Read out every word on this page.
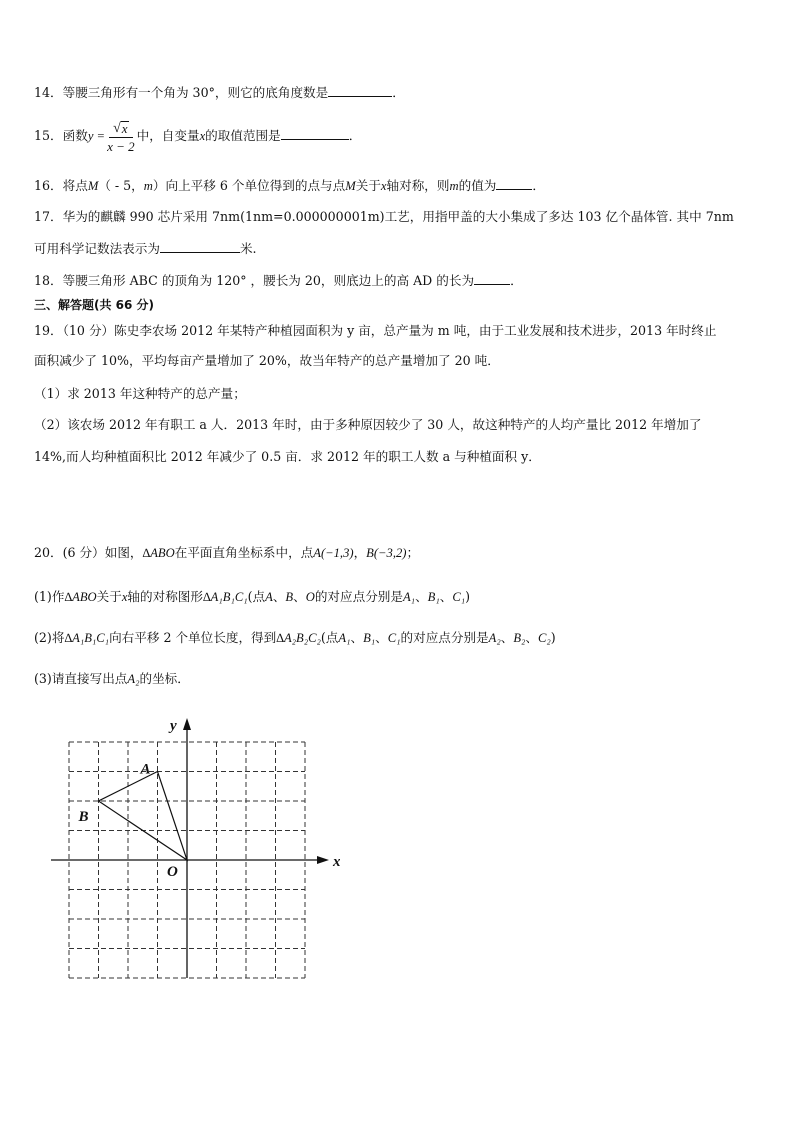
14．等腰三角形有一个角为 30°，则它的底角度数是	．
15．函数$y = \frac{√ x}{x - 2}$ 中，自变量x的取值范围是	．
16．将点M（ - 5，m）向上平移 6 个单位得到的点与点M关于x轴对称，则m的值为	．
17．华为的麒麟 990 芯片采用 7nm(1nm=0.000000001m)工艺，用指甲盖的大小集成了多达 103 亿个晶体管. 其中 7nm
可用科学记数法表示为	米.
18．等腰三角形 ABC 的顶角为 120° ，腰长为 20，则底边上的高 AD 的长为	．
三、解答题(共 66 分)
19．（10 分）陈史李农场 2012 年某特产种植园面积为 y 亩，总产量为 m 吨，由于工业发展和技术进步，2013 年时终止
面积减少了 10%，平均每亩产量增加了 20%，故当年特产的总产量增加了 20 吨．
（1）求 2013 年这种特产的总产量；
（2）该农场 2012 年有职工 a 人．2013 年时，由于多种原因较少了 30 人，故这种特产的人均产量比 2012 年增加了
14%,而人均种植面积比 2012 年减少了 0.5 亩．求 2012 年的职工人数 a 与种植面积 y．
20．(6 分）如图，∆ABO在平面直角坐标系中，点A(−1,3)，B(−3,2)；
(1)作∆ABO关于x轴的对称图形∆A₁B₁C₁(点A、B、O的对应点分别是A₁、B₁、C₁)
(2)将∆A₁B₁C₁向右平移 2 个单位长度，得到∆A₂B₂C₂(点A₁、B₁、C₁的对应点分别是A₂、B₂、C₂)
(3)请直接写出点A₂的坐标．
y
x
O
A
B
